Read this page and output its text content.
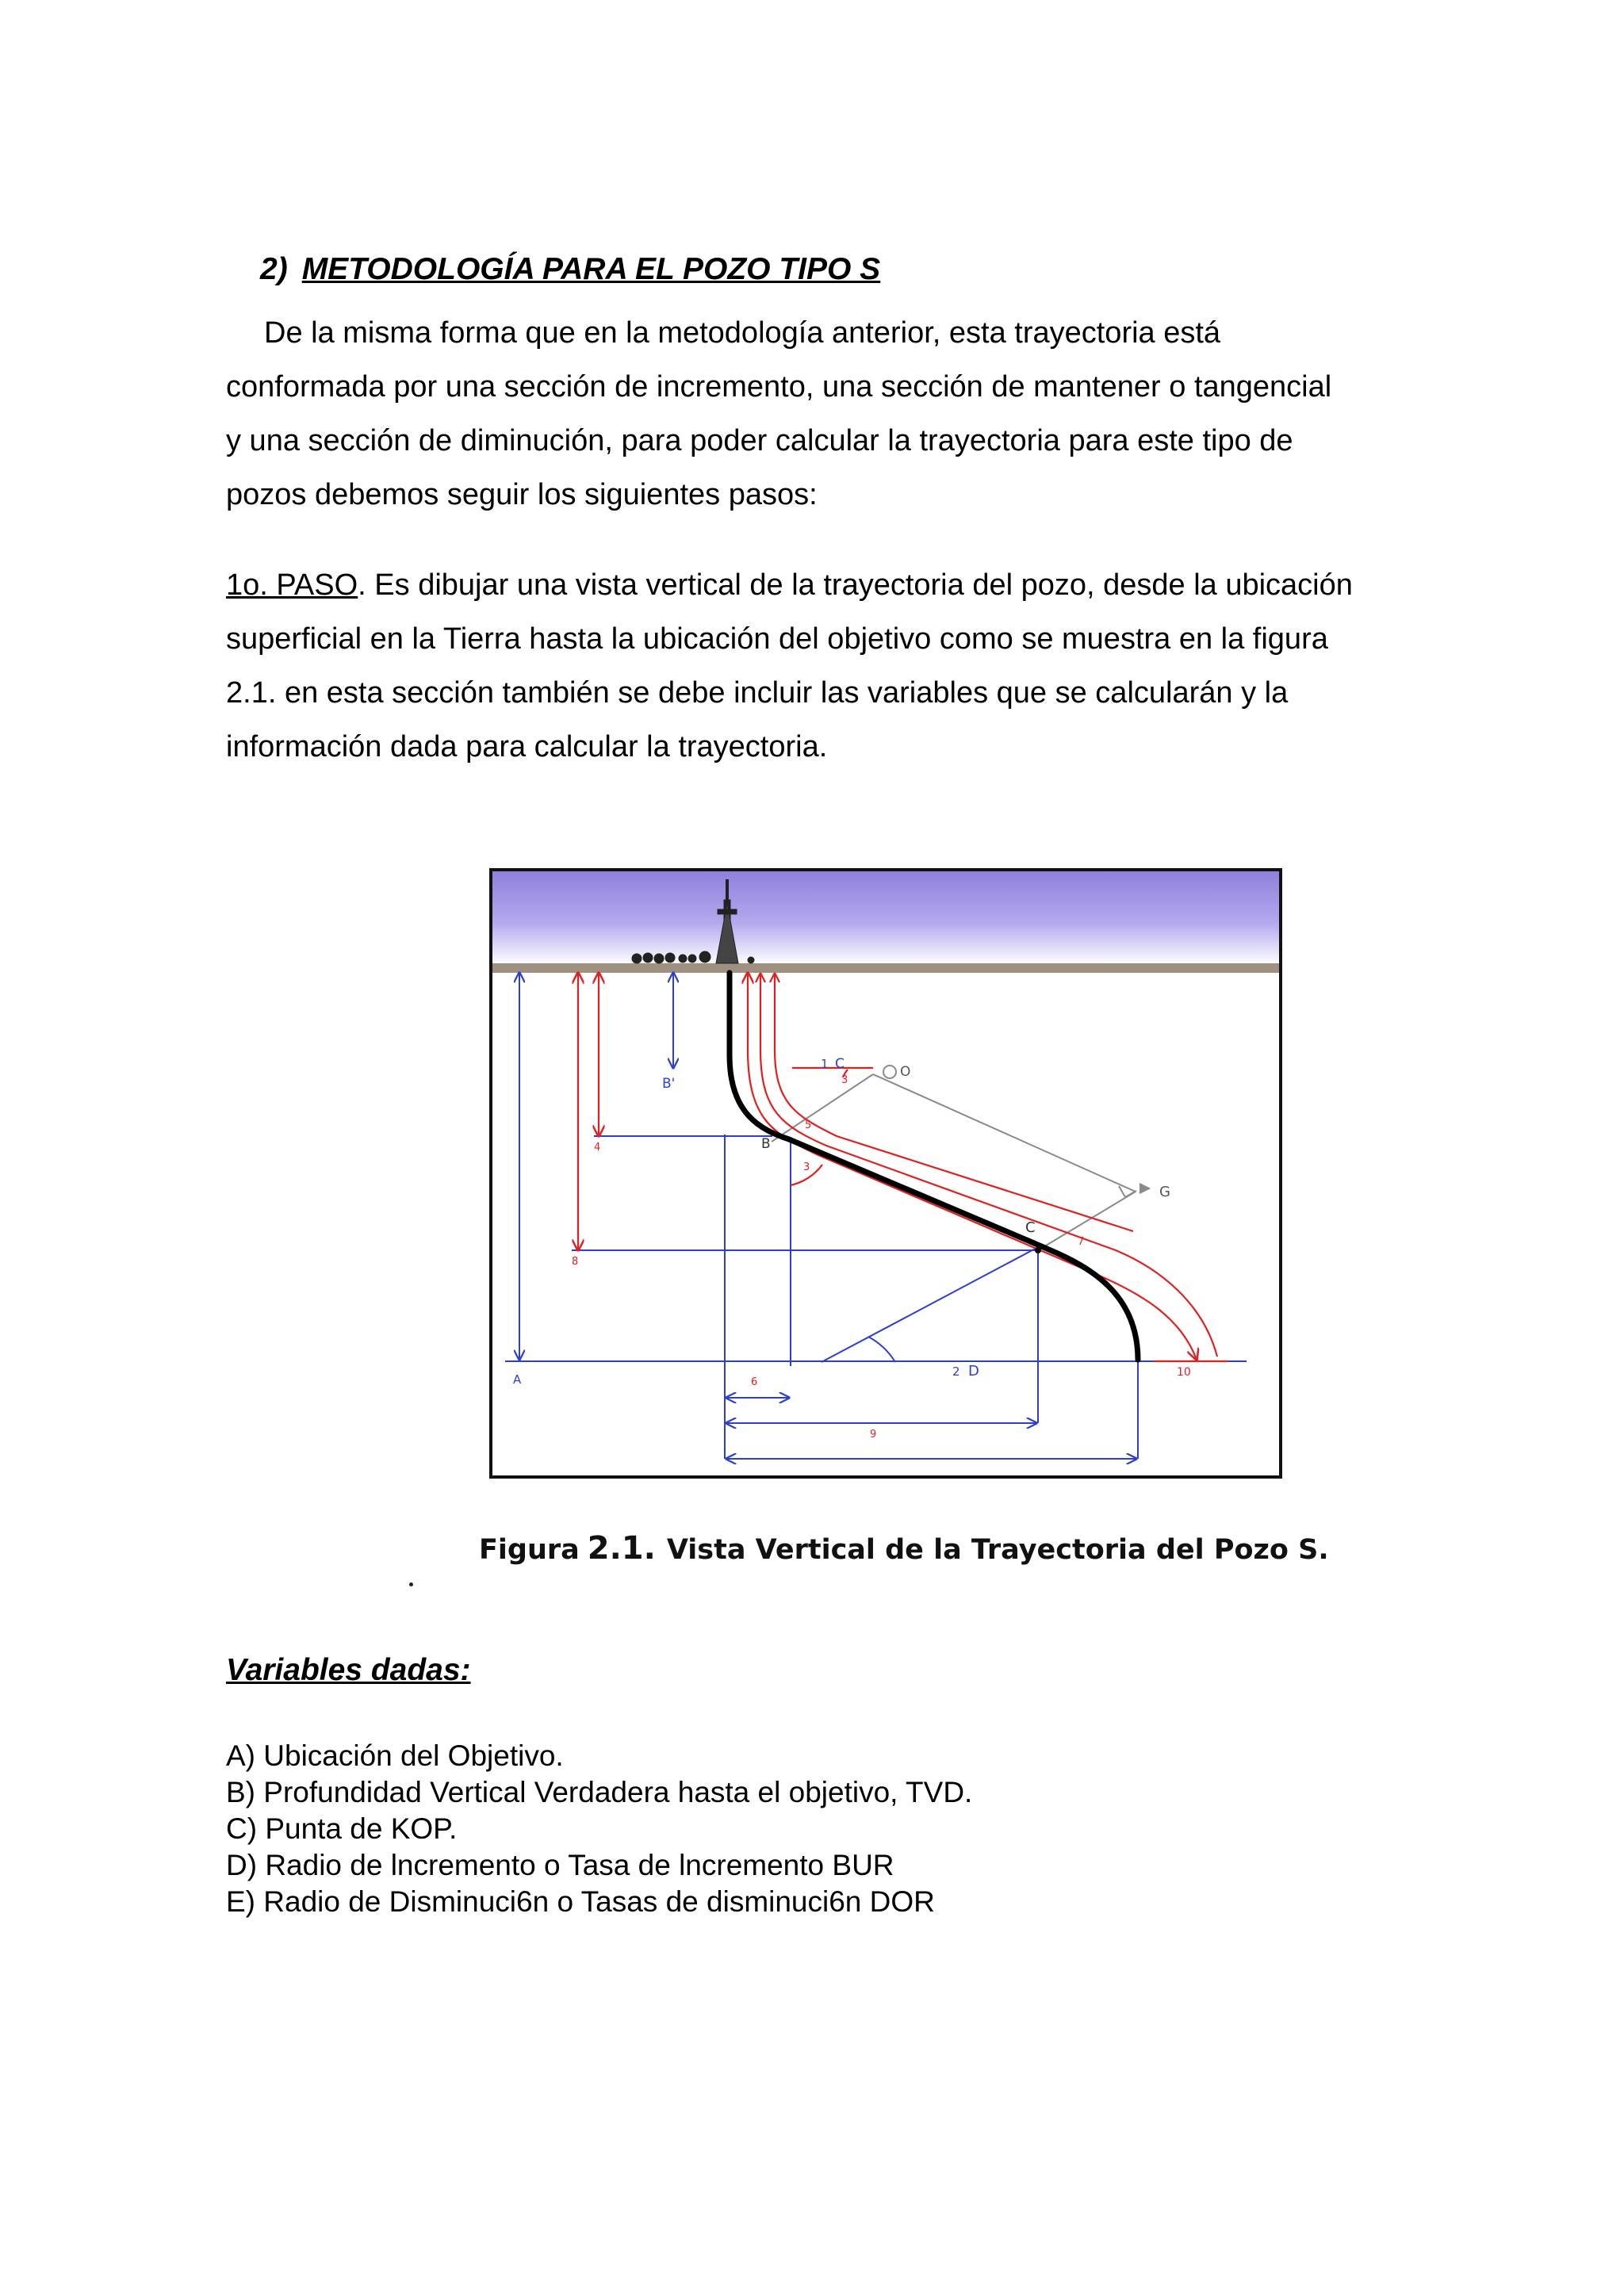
2) METODOLOGÍA PARA EL POZO TIPO S
De la misma forma que en la metodología anterior, esta trayectoria está
conformada por una sección de incremento, una sección de mantener o tangencial
y una sección de diminución, para poder calcular la trayectoria para este tipo de
pozos debemos seguir los siguientes pasos:
1o. PASO. Es dibujar una vista vertical de la trayectoria del pozo, desde la ubicación
superficial en la Tierra hasta la ubicación del objetivo como se muestra en la figura
2.1. en esta sección también se debe incluir las variables que se calcularán y la
información dada para calcular la trayectoria.
A
B'
B
C
D
O
G
1 C
2
3
3
4
5
6
7
8
9
10
Figura 2.1. Vista Vertical de la Trayectoria del Pozo S.
Variables dadas:
A) Ubicación del Objetivo.
B) Profundidad Vertical Verdadera hasta el objetivo, TVD.
C) Punta de KOP.
D) Radio de lncremento o Tasa de lncremento BUR
E) Radio de Disminuci6n o Tasas de disminuci6n DOR
